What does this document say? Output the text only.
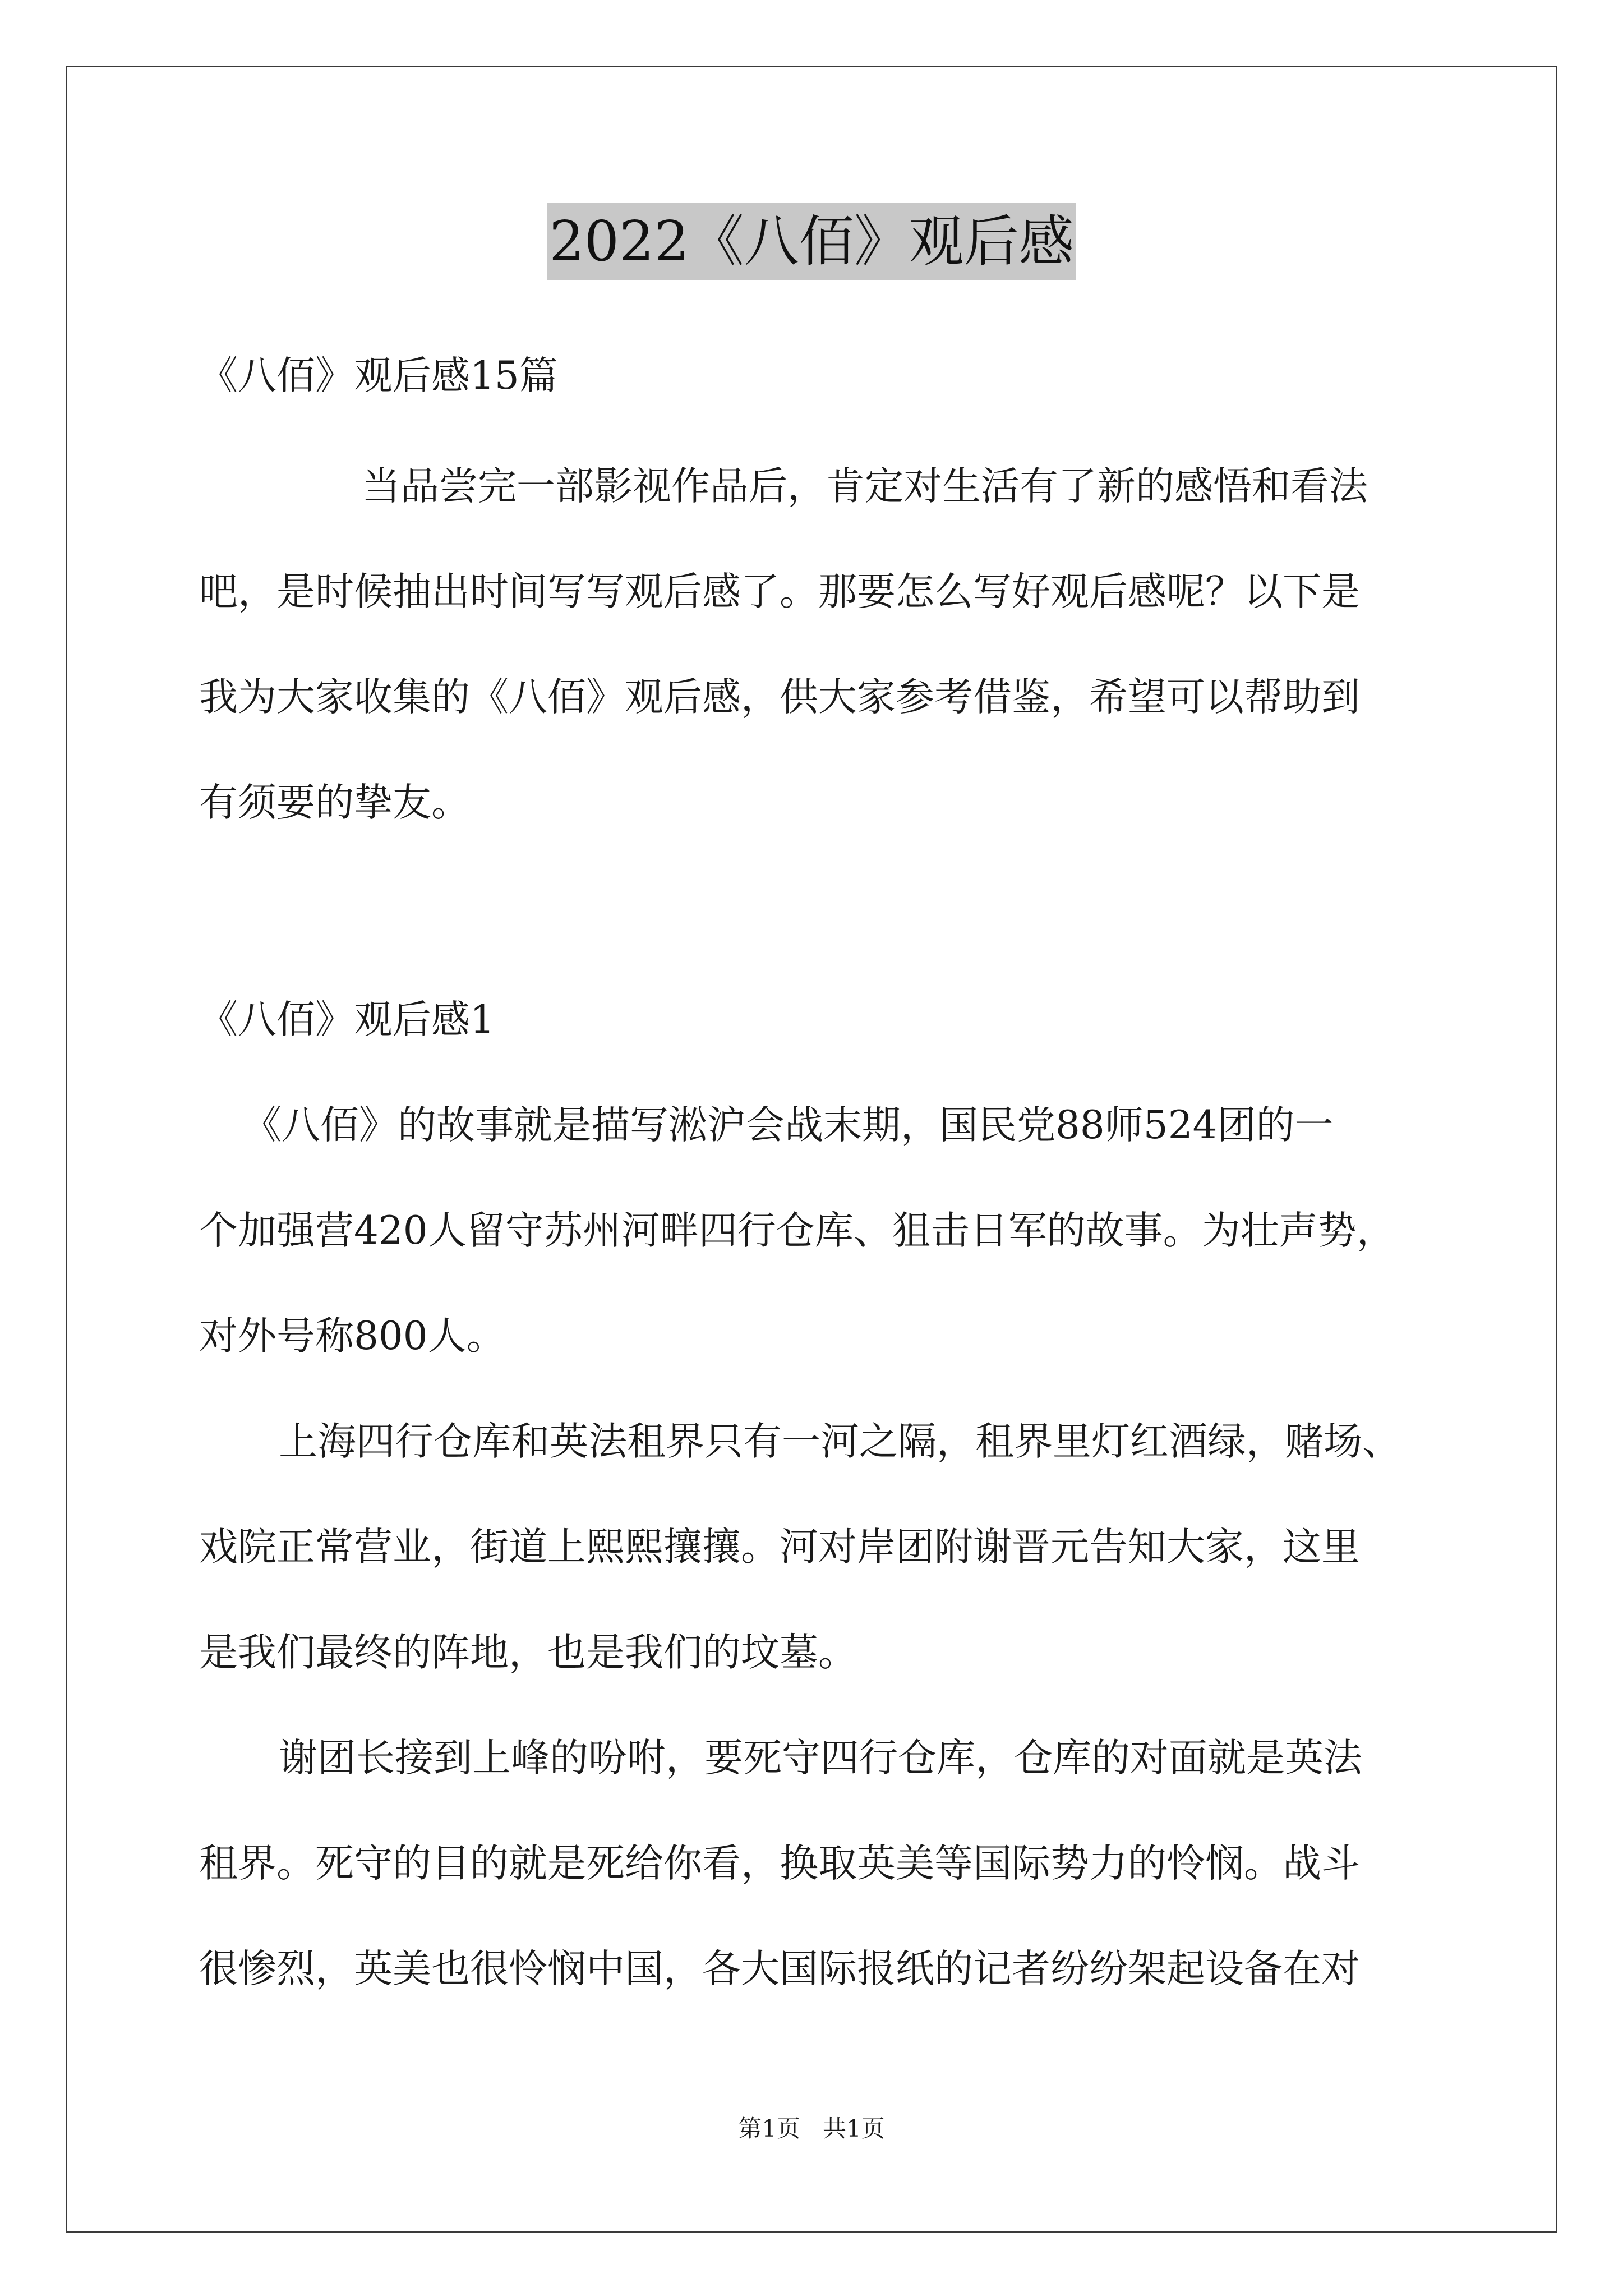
2022《八佰》观后感
《八佰》观后感15篇
当品尝完一部影视作品后，肯定对生活有了新的感悟和看法
吧，是时候抽出时间写写观后感了。那要怎么写好观后感呢？以下是
我为大家收集的《八佰》观后感，供大家参考借鉴，希望可以帮助到
有须要的挚友。
《八佰》观后感1
《八佰》的故事就是描写淞沪会战末期，国民党88师524团的一
个加强营420人留守苏州河畔四行仓库、狙击日军的故事。为壮声势，
对外号称800人。
上海四行仓库和英法租界只有一河之隔，租界里灯红酒绿，赌场、
戏院正常营业，街道上熙熙攘攘。河对岸团附谢晋元告知大家，这里
是我们最终的阵地，也是我们的坟墓。
谢团长接到上峰的吩咐，要死守四行仓库，仓库的对面就是英法
租界。死守的目的就是死给你看，换取英美等国际势力的怜悯。战斗
很惨烈，英美也很怜悯中国，各大国际报纸的记者纷纷架起设备在对
第1页   共1页
